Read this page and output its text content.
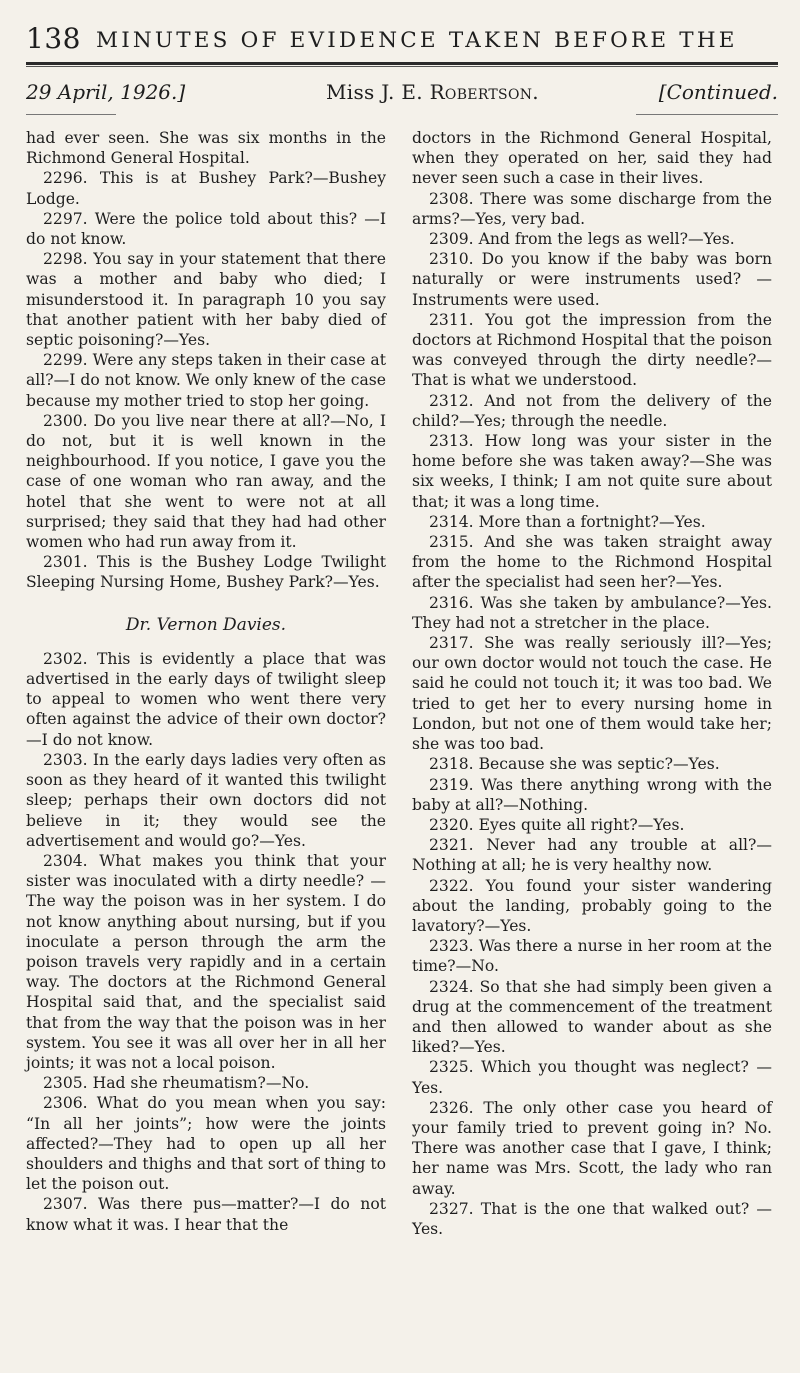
138 MINUTES OF EVIDENCE TAKEN BEFORE THE
29 April, 1926.]	Miss J. E. Robertson.	[Continued.

had ever seen. She was six months in the Richmond General Hospital.

2296. This is at Bushey Park?—Bushey Lodge.

2297. Were the police told about this? —I do not know.

2298. You say in your statement that there was a mother and baby who died; I misunderstood it. In paragraph 10 you say that another patient with her baby died of septic poisoning?—Yes.

2299. Were any steps taken in their case at all?—I do not know. We only knew of the case because my mother tried to stop her going.

2300. Do you live near there at all?—No, I do not, but it is well known in the neighbourhood. If you notice, I gave you the case of one woman who ran away, and the hotel that she went to were not at all surprised; they said that they had had other women who had run away from it.

2301. This is the Bushey Lodge Twilight Sleeping Nursing Home, Bushey Park?—Yes.

Dr. Vernon Davies.

2302. This is evidently a place that was advertised in the early days of twilight sleep to appeal to women who went there very often against the advice of their own doctor?—I do not know.

2303. In the early days ladies very often as soon as they heard of it wanted this twilight sleep; perhaps their own doctors did not believe in it; they would see the advertisement and would go?—Yes.

2304. What makes you think that your sister was inoculated with a dirty needle? —The way the poison was in her system. I do not know anything about nursing, but if you inoculate a person through the arm the poison travels very rapidly and in a certain way. The doctors at the Richmond General Hospital said that, and the specialist said that from the way that the poison was in her system. You see it was all over her in all her joints; it was not a local poison.

2305. Had she rheumatism?—No.

2306. What do you mean when you say: “In all her joints”; how were the joints affected?—They had to open up all her shoulders and thighs and that sort of thing to let the poison out.

2307. Was there pus—matter?—I do not know what it was. I hear that the

doctors in the Richmond General Hospital, when they operated on her, said they had never seen such a case in their lives.

2308. There was some discharge from the arms?—Yes, very bad.

2309. And from the legs as well?—Yes.

2310. Do you know if the baby was born naturally or were instruments used? —Instruments were used.

2311. You got the impression from the doctors at Richmond Hospital that the poison was conveyed through the dirty needle?—That is what we understood.

2312. And not from the delivery of the child?—Yes; through the needle.

2313. How long was your sister in the home before she was taken away?—She was six weeks, I think; I am not quite sure about that; it was a long time.

2314. More than a fortnight?—Yes.

2315. And she was taken straight away from the home to the Richmond Hospital after the specialist had seen her?—Yes.

2316. Was she taken by ambulance?—Yes. They had not a stretcher in the place.

2317. She was really seriously ill?—Yes; our own doctor would not touch the case. He said he could not touch it; it was too bad. We tried to get her to every nursing home in London, but not one of them would take her; she was too bad.

2318. Because she was septic?—Yes.

2319. Was there anything wrong with the baby at all?—Nothing.

2320. Eyes quite all right?—Yes.

2321. Never had any trouble at all?—Nothing at all; he is very healthy now.

2322. You found your sister wandering about the landing, probably going to the lavatory?—Yes.

2323. Was there a nurse in her room at the time?—No.

2324. So that she had simply been given a drug at the commencement of the treatment and then allowed to wander about as she liked?—Yes.

2325. Which you thought was neglect? —Yes.

2326. The only other case you heard of your family tried to prevent going in? No. There was another case that I gave, I think; her name was Mrs. Scott, the lady who ran away.

2327. That is the one that walked out? —Yes.
